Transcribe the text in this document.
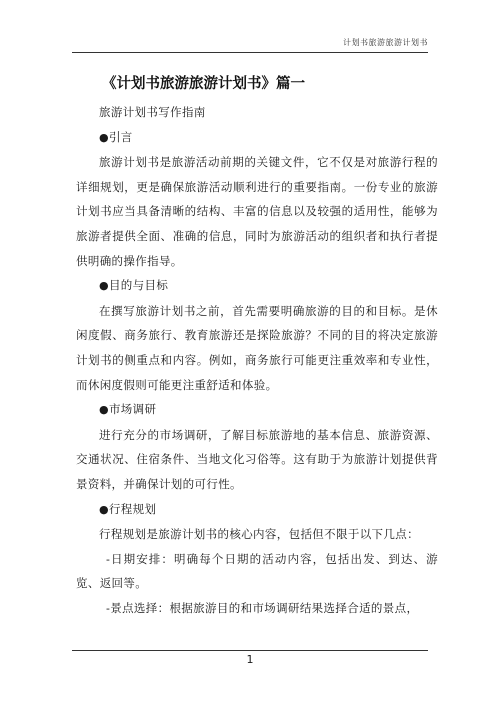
计划书旅游旅游计划书
《计划书旅游旅游计划书》篇一

旅游计划书写作指南

●引言

旅游计划书是旅游活动前期的关键文件，它不仅是对旅游行程的详细规划，更是确保旅游活动顺利进行的重要指南。一份专业的旅游计划书应当具备清晰的结构、丰富的信息以及较强的适用性，能够为旅游者提供全面、准确的信息，同时为旅游活动的组织者和执行者提供明确的操作指导。

●目的与目标

在撰写旅游计划书之前，首先需要明确旅游的目的和目标。是休闲度假、商务旅行、教育旅游还是探险旅游？不同的目的将决定旅游计划书的侧重点和内容。例如，商务旅行可能更注重效率和专业性，而休闲度假则可能更注重舒适和体验。

●市场调研

进行充分的市场调研，了解目标旅游地的基本信息、旅游资源、交通状况、住宿条件、当地文化习俗等。这有助于为旅游计划提供背景资料，并确保计划的可行性。

●行程规划

行程规划是旅游计划书的核心内容，包括但不限于以下几点：

-日期安排：明确每个日期的活动内容，包括出发、到达、游览、返回等。

-景点选择：根据旅游目的和市场调研结果选择合适的景点，

1
